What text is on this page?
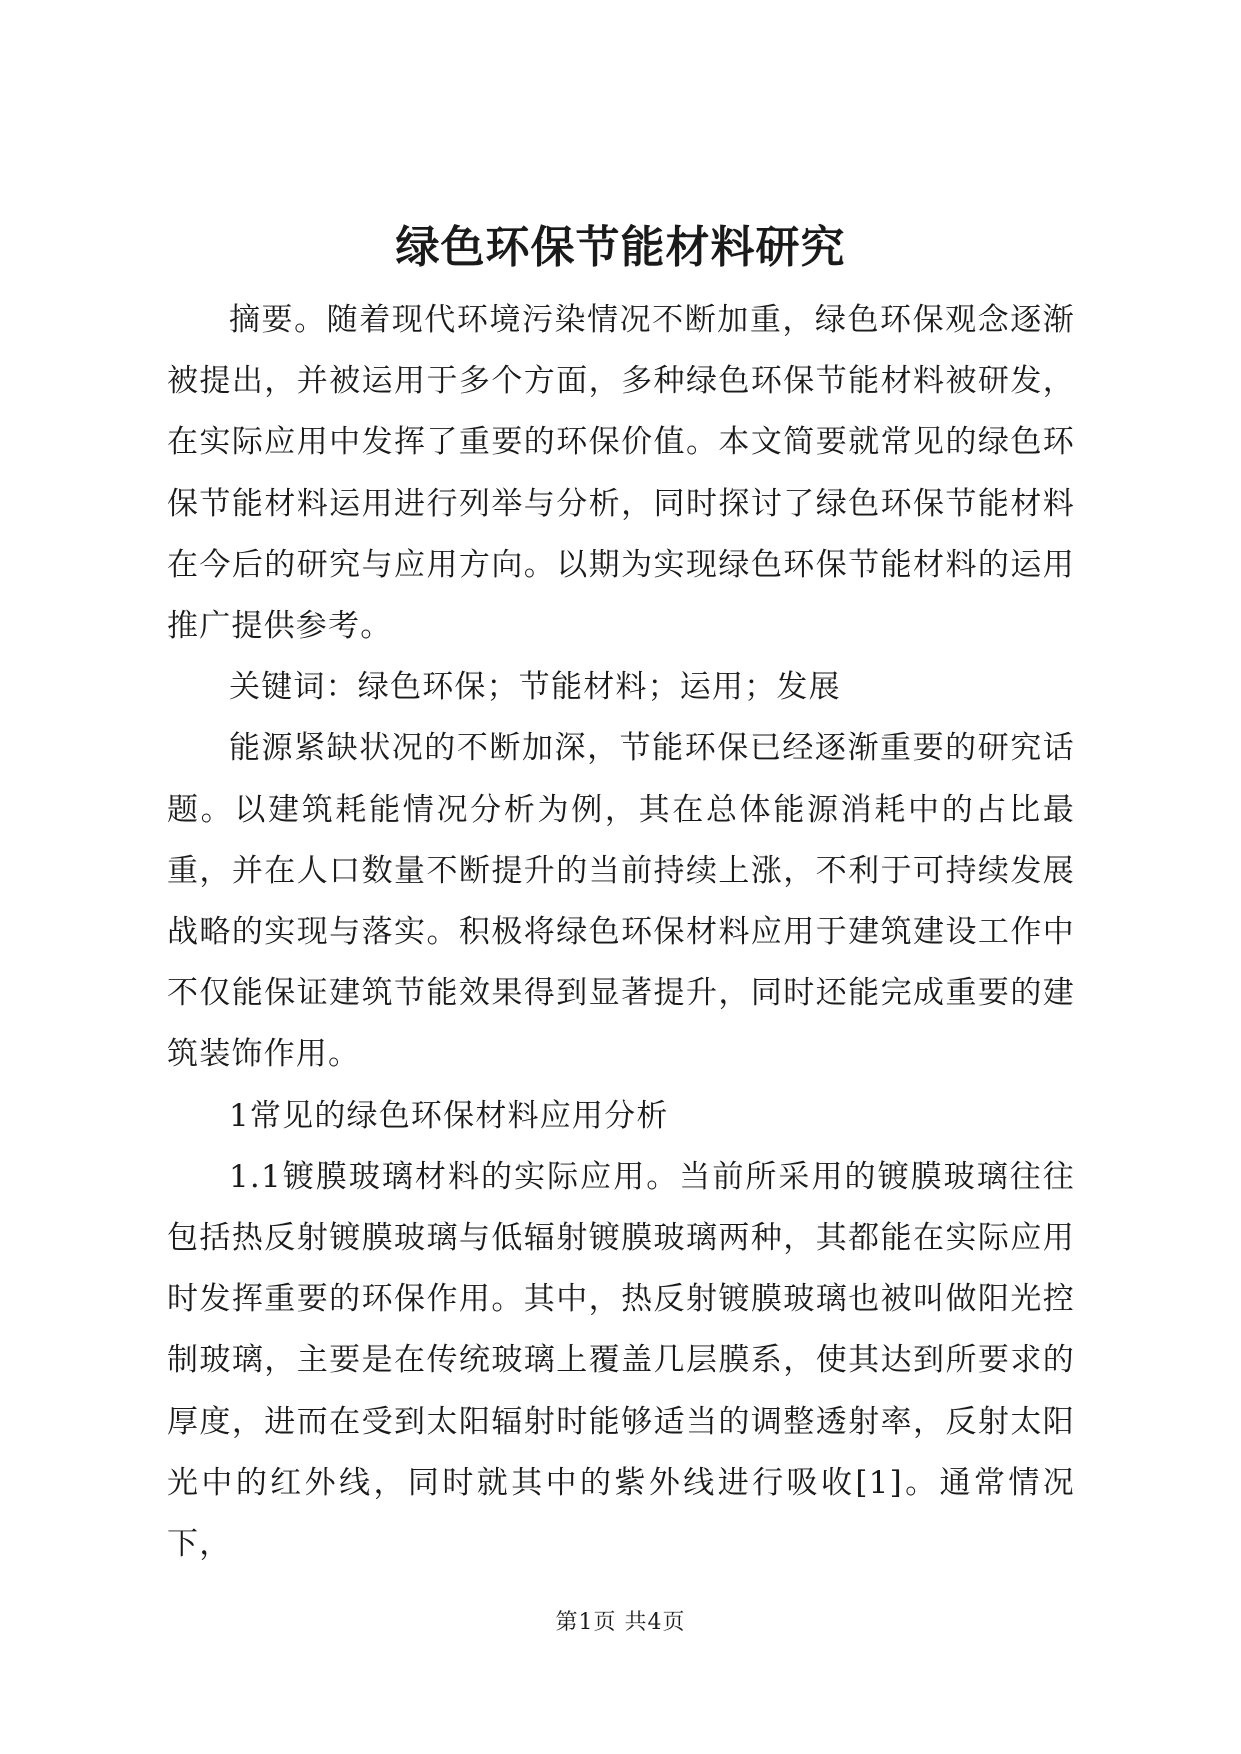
绿色环保节能材料研究

摘要。随着现代环境污染情况不断加重，绿色环保观念逐渐被提出，并被运用于多个方面，多种绿色环保节能材料被研发，在实际应用中发挥了重要的环保价值。本文简要就常见的绿色环保节能材料运用进行列举与分析，同时探讨了绿色环保节能材料在今后的研究与应用方向。以期为实现绿色环保节能材料的运用推广提供参考。

关键词：绿色环保；节能材料；运用；发展

能源紧缺状况的不断加深，节能环保已经逐渐重要的研究话题。以建筑耗能情况分析为例，其在总体能源消耗中的占比最重，并在人口数量不断提升的当前持续上涨，不利于可持续发展战略的实现与落实。积极将绿色环保材料应用于建筑建设工作中不仅能保证建筑节能效果得到显著提升，同时还能完成重要的建筑装饰作用。

1常见的绿色环保材料应用分析

1.1镀膜玻璃材料的实际应用。当前所采用的镀膜玻璃往往包括热反射镀膜玻璃与低辐射镀膜玻璃两种，其都能在实际应用时发挥重要的环保作用。其中，热反射镀膜玻璃也被叫做阳光控制玻璃，主要是在传统玻璃上覆盖几层膜系，使其达到所要求的厚度，进而在受到太阳辐射时能够适当的调整透射率，反射太阳光中的红外线，同时就其中的紫外线进行吸收[1]。通常情况下，

第1页 共4页
